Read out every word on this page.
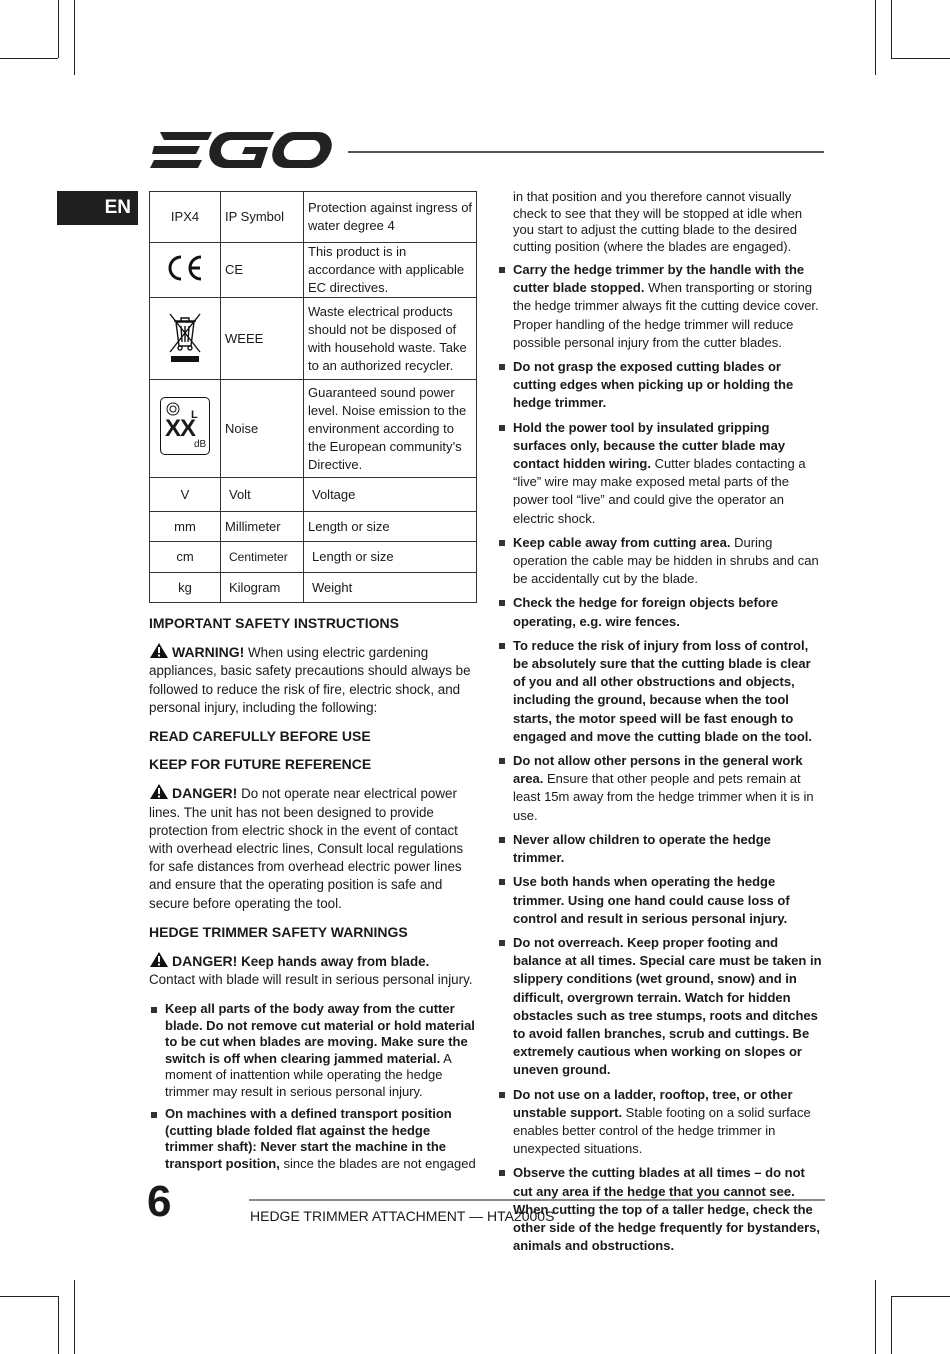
EN	IPX4	IP Symbol	Protection against ingress of water degree 4
	CE	This product is in accordance with applicable EC directives.
	WEEE	Waste electrical products should not be disposed of with household waste. Take to an authorized recycler.

L
XX
dB	Noise	Guaranteed sound power level. Noise emission to the environment according to the European community’s Directive.
V	Volt	Voltage
mm	Millimeter	Length or size
cm	Centimeter	Length or size
kg	Kilogram	Weight
IMPORTANT SAFETY INSTRUCTIONS

WARNING! When using electric gardening appliances, basic safety precautions should always be followed to reduce the risk of fire, electric shock, and personal injury, including the following:

READ CAREFULLY BEFORE USE
KEEP FOR FUTURE REFERENCE

DANGER! Do not operate near electrical power lines. The unit has not been designed to provide protection from electric shock in the event of contact with overhead electric lines, Consult local regulations for safe distances from overhead electric power lines and ensure that the operating position is safe and secure before operating the tool.

HEDGE TRIMMER SAFETY WARNINGS

DANGER! Keep hands away from blade. Contact with blade will result in serious personal injury.

Keep all parts of the body away from the cutter blade. Do not remove cut material or hold material to be cut when blades are moving. Make sure the switch is off when clearing jammed material. A moment of inattention while operating the hedge trimmer may result in serious personal injury.
On machines with a defined transport position (cutting blade folded flat against the hedge trimmer shaft): Never start the machine in the transport position, since the blades are not engaged
in that position and you therefore cannot visually check to see that they will be stopped at idle when you start to adjust the cutting blade to the desired cutting position (where the blades are engaged).
Carry the hedge trimmer by the handle with the cutter blade stopped. When transporting or storing the hedge trimmer always fit the cutting device cover. Proper handling of the hedge trimmer will reduce possible personal injury from the cutter blades.
Do not grasp the exposed cutting blades or cutting edges when picking up or holding the hedge trimmer.
Hold the power tool by insulated gripping surfaces only, because the cutter blade may contact hidden wiring. Cutter blades contacting a “live” wire may make exposed metal parts of the power tool “live” and could give the operator an electric shock.
Keep cable away from cutting area. During operation the cable may be hidden in shrubs and can be accidentally cut by the blade.
Check the hedge for foreign objects before operating, e.g. wire fences.
To reduce the risk of injury from loss of control, be absolutely sure that the cutting blade is clear of you and all other obstructions and objects, including the ground, because when the tool starts, the motor speed will be fast enough to engaged and move the cutting blade on the tool.
Do not allow other persons in the general work area. Ensure that other people and pets remain at least 15m away from the hedge trimmer when it is in use.
Never allow children to operate the hedge trimmer.
Use both hands when operating the hedge trimmer. Using one hand could cause loss of control and result in serious personal injury.
Do not overreach. Keep proper footing and balance at all times. Special care must be taken in slippery conditions (wet ground, snow) and in difficult, overgrown terrain. Watch for hidden obstacles such as tree stumps, roots and ditches to avoid fallen branches, scrub and cuttings. Be extremely cautious when working on slopes or uneven ground.
Do not use on a ladder, rooftop, tree, or other unstable support. Stable footing on a solid surface enables better control of the hedge trimmer in unexpected situations.
Observe the cutting blades at all times – do not cut any area if the hedge that you cannot see. When cutting the top of a taller hedge, check the other side of the hedge frequently for bystanders, animals and obstructions.
6	HEDGE TRIMMER ATTACHMENT — HTA2000S
